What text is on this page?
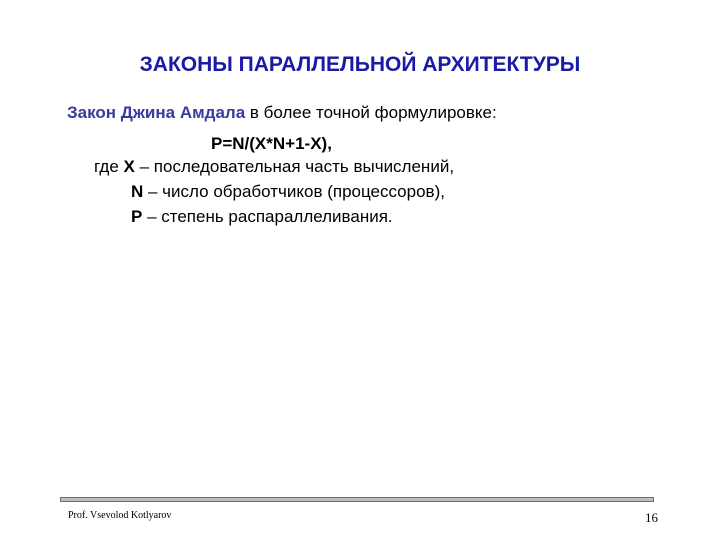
ЗАКОНЫ ПАРАЛЛЕЛЬНОЙ АРХИТЕКТУРЫ
Закон Джина Амдала в более точной формулировке:
P=N/(X*N+1-X),
где X – последовательная часть вычислений,
N – число обработчиков (процессоров),
P – степень распараллеливания.
Prof. Vsevolod Kotlyarov	16
